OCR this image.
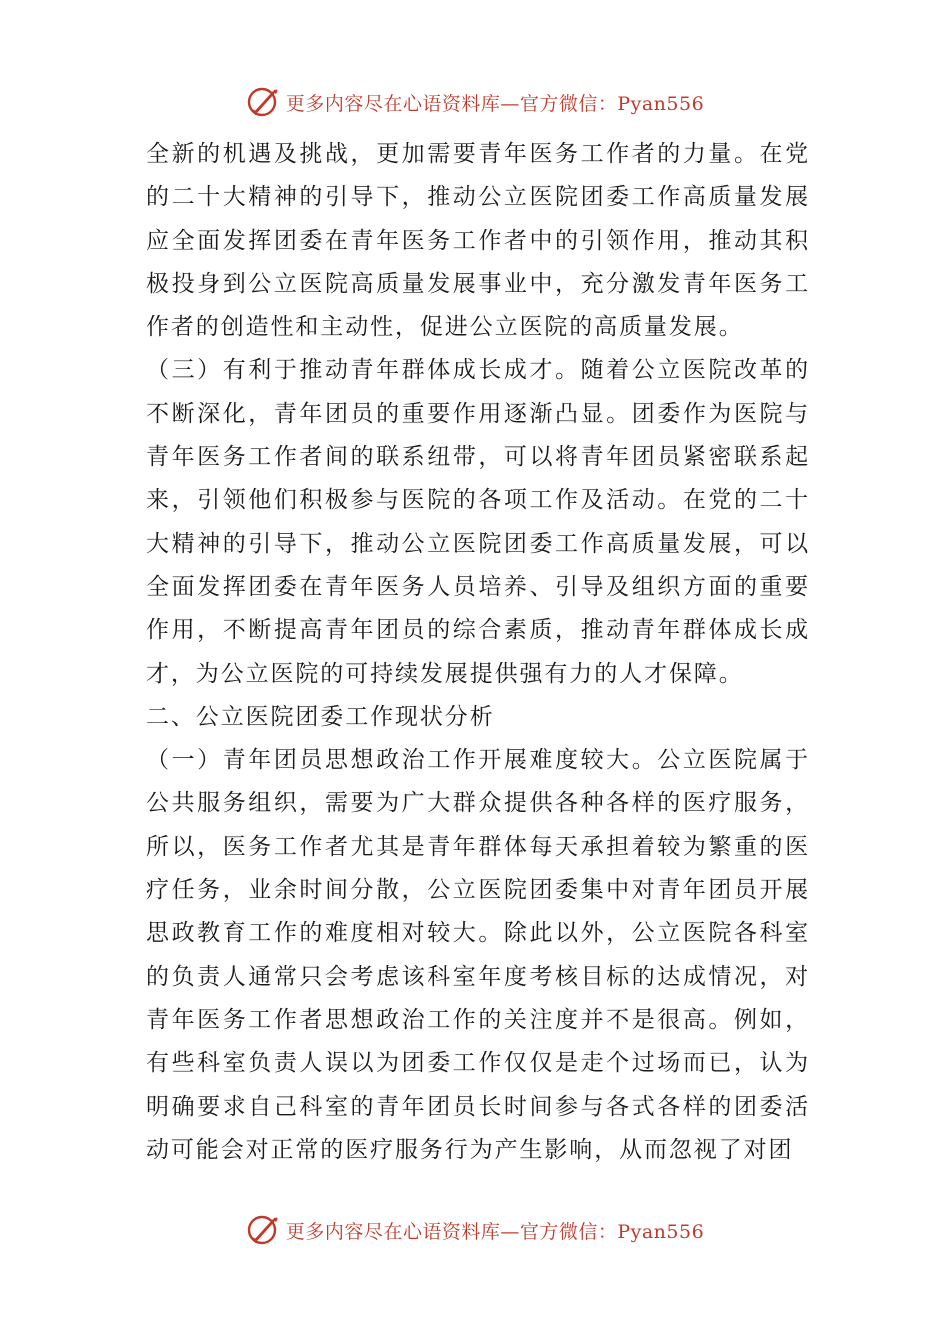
更多内容尽在心语资料库—官方微信：Pyan556

全新的机遇及挑战，更加需要青年医务工作者的力量。在党的二十大精神的引导下，推动公立医院团委工作高质量发展应全面发挥团委在青年医务工作者中的引领作用，推动其积极投身到公立医院高质量发展事业中，充分激发青年医务工作者的创造性和主动性，促进公立医院的高质量发展。

（三）有利于推动青年群体成长成才。随着公立医院改革的不断深化，青年团员的重要作用逐渐凸显。团委作为医院与青年医务工作者间的联系纽带，可以将青年团员紧密联系起来，引领他们积极参与医院的各项工作及活动。在党的二十大精神的引导下，推动公立医院团委工作高质量发展，可以全面发挥团委在青年医务人员培养、引导及组织方面的重要作用，不断提高青年团员的综合素质，推动青年群体成长成才，为公立医院的可持续发展提供强有力的人才保障。

二、公立医院团委工作现状分析

（一）青年团员思想政治工作开展难度较大。公立医院属于公共服务组织，需要为广大群众提供各种各样的医疗服务，所以，医务工作者尤其是青年群体每天承担着较为繁重的医疗任务，业余时间分散，公立医院团委集中对青年团员开展思政教育工作的难度相对较大。除此以外，公立医院各科室的负责人通常只会考虑该科室年度考核目标的达成情况，对青年医务工作者思想政治工作的关注度并不是很高。例如，有些科室负责人误以为团委工作仅仅是走个过场而已，认为明确要求自己科室的青年团员长时间参与各式各样的团委活动可能会对正常的医疗服务行为产生影响，从而忽视了对团

更多内容尽在心语资料库—官方微信：Pyan556
